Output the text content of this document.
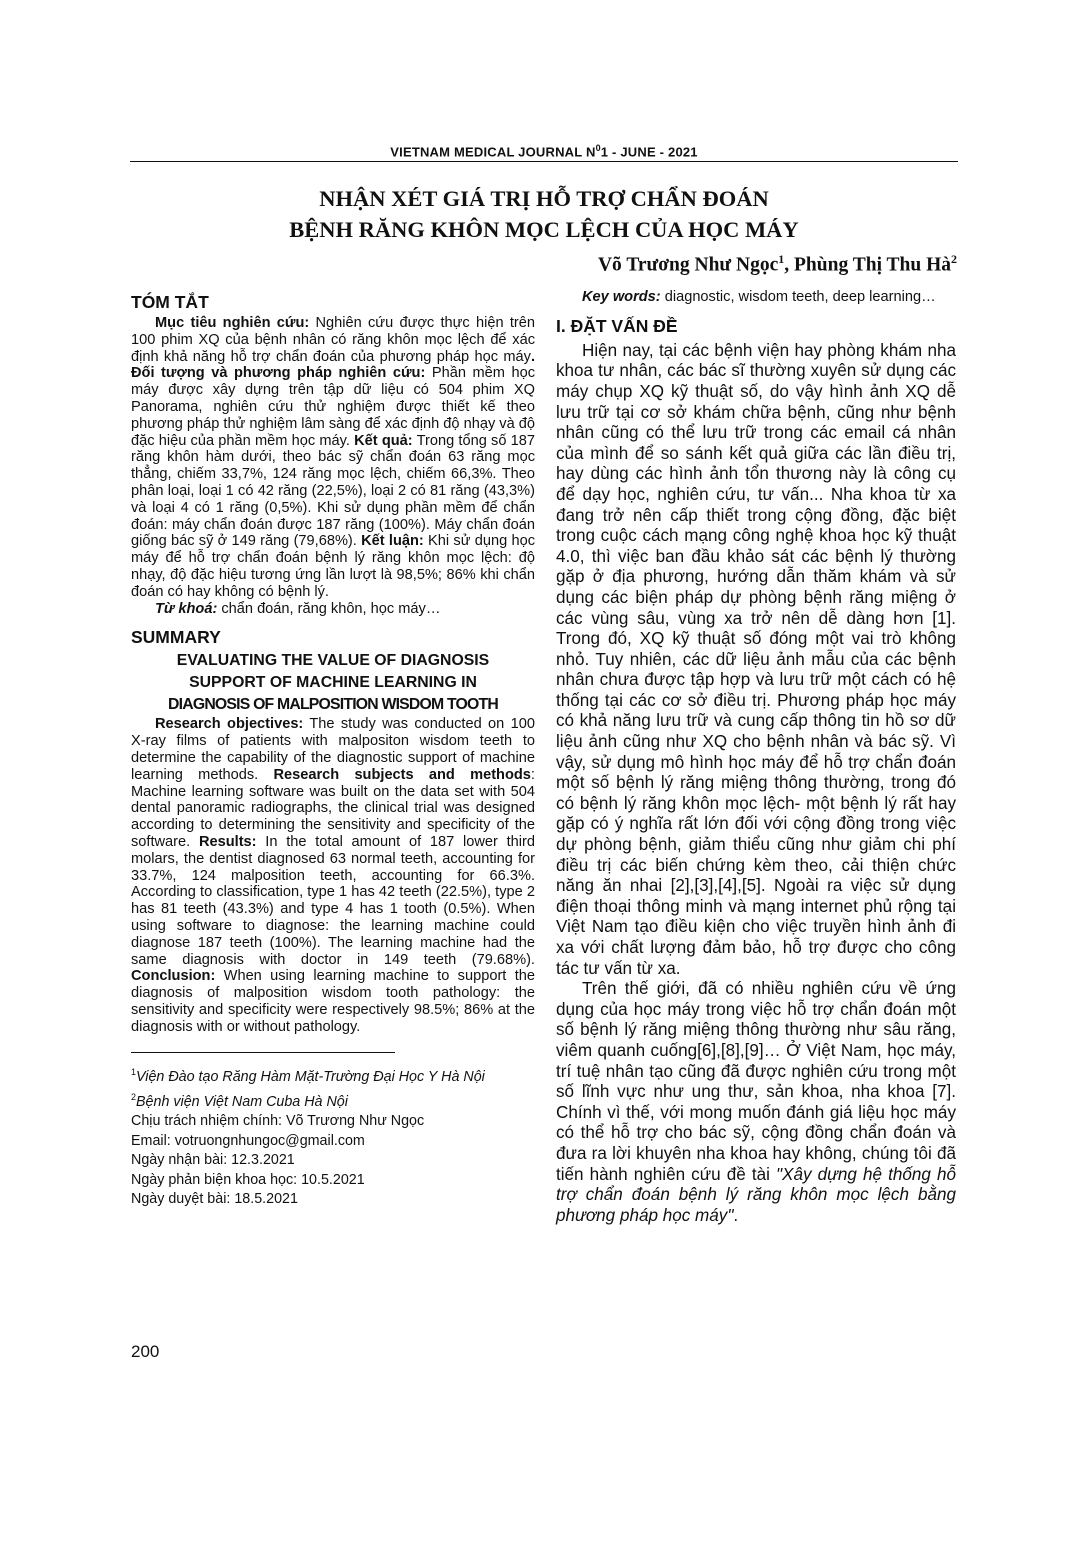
VIETNAM MEDICAL JOURNAL $N^01$ - JUNE - 2021
NHẬN XÉT GIÁ TRỊ HỖ TRỢ CHẨN ĐOÁN
BỆNH RĂNG KHÔN MỌC LỆCH CỦA HỌC MÁY
Võ Trương Như Ngọc$^1$, Phùng Thị Thu $Hà^2$
TÓM TẮT

Mục tiêu nghiên cứu: Nghiên cứu được thực hiện trên 100 phim XQ của bệnh nhân có răng khôn mọc lệch để xác định khả năng hỗ trợ chẩn đoán của phương pháp học máy. Đối tượng và phương pháp nghiên cứu: Phần mềm học máy được xây dựng trên tập dữ liệu có 504 phim XQ Panorama, nghiên cứu thử nghiệm được thiết kế theo phương pháp thử nghiệm lâm sàng để xác định độ nhạy và độ đặc hiệu của phần mềm học máy. Kết quả: Trong tổng số 187 răng khôn hàm dưới, theo bác sỹ chẩn đoán 63 răng mọc thẳng, chiếm 33,7%, 124 răng mọc lệch, chiếm 66,3%. Theo phân loại, loại 1 có 42 răng (22,5%), loại 2 có 81 răng (43,3%) và loại 4 có 1 răng (0,5%). Khi sử dụng phần mềm để chẩn đoán: máy chẩn đoán được 187 răng (100%). Máy chẩn đoán giống bác sỹ ở 149 răng (79,68%). Kết luận: Khi sử dụng học máy để hỗ trợ chẩn đoán bệnh lý răng khôn mọc lệch: độ nhạy, độ đặc hiệu tương ứng lần lượt là 98,5%; 86% khi chẩn đoán có hay không có bệnh lý.

Từ khoá: chẩn đoán, răng khôn, học máy…

SUMMARY
EVALUATING THE VALUE OF DIAGNOSIS
SUPPORT OF MACHINE LEARNING IN
DIAGNOSIS OF MALPOSITION WISDOM TOOTH

Research objectives: The study was conducted on 100 X-ray films of patients with malpositon wisdom teeth to determine the capability of the diagnostic support of machine learning methods. Research subjects and methods: Machine learning software was built on the data set with 504 dental panoramic radiographs, the clinical trial was designed according to determining the sensitivity and specificity of the software. Results: In the total amount of 187 lower third molars, the dentist diagnosed 63 normal teeth, accounting for 33.7%, 124 malposition teeth, accounting for 66.3%. According to classification, type 1 has 42 teeth (22.5%), type 2 has 81 teeth (43.3%) and type 4 has 1 tooth (0.5%). When using software to diagnose: the learning machine could diagnose 187 teeth (100%). The learning machine had the same diagnosis with doctor in 149 teeth (79.68%). Conclusion: When using learning machine to support the diagnosis of malposition wisdom tooth pathology: the sensitivity and specificity were respectively 98.5%; 86% at the diagnosis with or without pathology.

$^1$Viện Đào tạo Răng Hàm Mặt-Trường Đại Học Y Hà Nội

$^2$Bệnh viện Việt Nam Cuba Hà Nội

Chịu trách nhiệm chính: Võ Trương Như Ngọc

Email: votruongnhungoc@gmail.com

Ngày nhận bài: 12.3.2021

Ngày phản biện khoa học: 10.5.2021

Ngày duyệt bài: 18.5.2021

200

Key words: diagnostic, wisdom teeth, deep learning…

I. ĐẶT VẤN ĐỀ

Hiện nay, tại các bệnh viện hay phòng khám nha khoa tư nhân, các bác sĩ thường xuyên sử dụng các máy chụp XQ kỹ thuật số, do vậy hình ảnh XQ dễ lưu trữ tại cơ sở khám chữa bệnh, cũng như bệnh nhân cũng có thể lưu trữ trong các email cá nhân của mình để so sánh kết quả giữa các lần điều trị, hay dùng các hình ảnh tổn thương này là công cụ để dạy học, nghiên cứu, tư vấn... Nha khoa từ xa đang trở nên cấp thiết trong cộng đồng, đặc biệt trong cuộc cách mạng công nghệ khoa học kỹ thuật 4.0, thì việc ban đầu khảo sát các bệnh lý thường gặp ở địa phương, hướng dẫn thăm khám và sử dụng các biện pháp dự phòng bệnh răng miệng ở các vùng sâu, vùng xa trở nên dễ dàng hơn [1]. Trong đó, XQ kỹ thuật số đóng một vai trò không nhỏ. Tuy nhiên, các dữ liệu ảnh mẫu của các bệnh nhân chưa được tập hợp và lưu trữ một cách có hệ thống tại các cơ sở điều trị. Phương pháp học máy có khả năng lưu trữ và cung cấp thông tin hồ sơ dữ liệu ảnh cũng như XQ cho bệnh nhân và bác sỹ. Vì vậy, sử dụng mô hình học máy để hỗ trợ chẩn đoán một số bệnh lý răng miệng thông thường, trong đó có bệnh lý răng khôn mọc lệch- một bệnh lý rất hay gặp có ý nghĩa rất lớn đối với cộng đồng trong việc dự phòng bệnh, giảm thiểu cũng như giảm chi phí điều trị các biến chứng kèm theo, cải thiện chức năng ăn nhai [2],[3],[4],[5]. Ngoài ra việc sử dụng điện thoại thông minh và mạng internet phủ rộng tại Việt Nam tạo điều kiện cho việc truyền hình ảnh đi xa với chất lượng đảm bảo, hỗ trợ được cho công tác tư vấn từ xa.

Trên thế giới, đã có nhiều nghiên cứu về ứng dụng của học máy trong việc hỗ trợ chẩn đoán một số bệnh lý răng miệng thông thường như sâu răng, viêm quanh cuống[6],[8],[9]… Ở Việt Nam, học máy, trí tuệ nhân tạo cũng đã được nghiên cứu trong một số lĩnh vực như ung thư, sản khoa, nha khoa [7]. Chính vì thế, với mong muốn đánh giá liệu học máy có thể hỗ trợ cho bác sỹ, cộng đồng chẩn đoán và đưa ra lời khuyên nha khoa hay không, chúng tôi đã tiến hành nghiên cứu đề tài "Xây dựng hệ thống hỗ trợ chẩn đoán bệnh lý răng khôn mọc lệch bằng phương pháp học máy".
